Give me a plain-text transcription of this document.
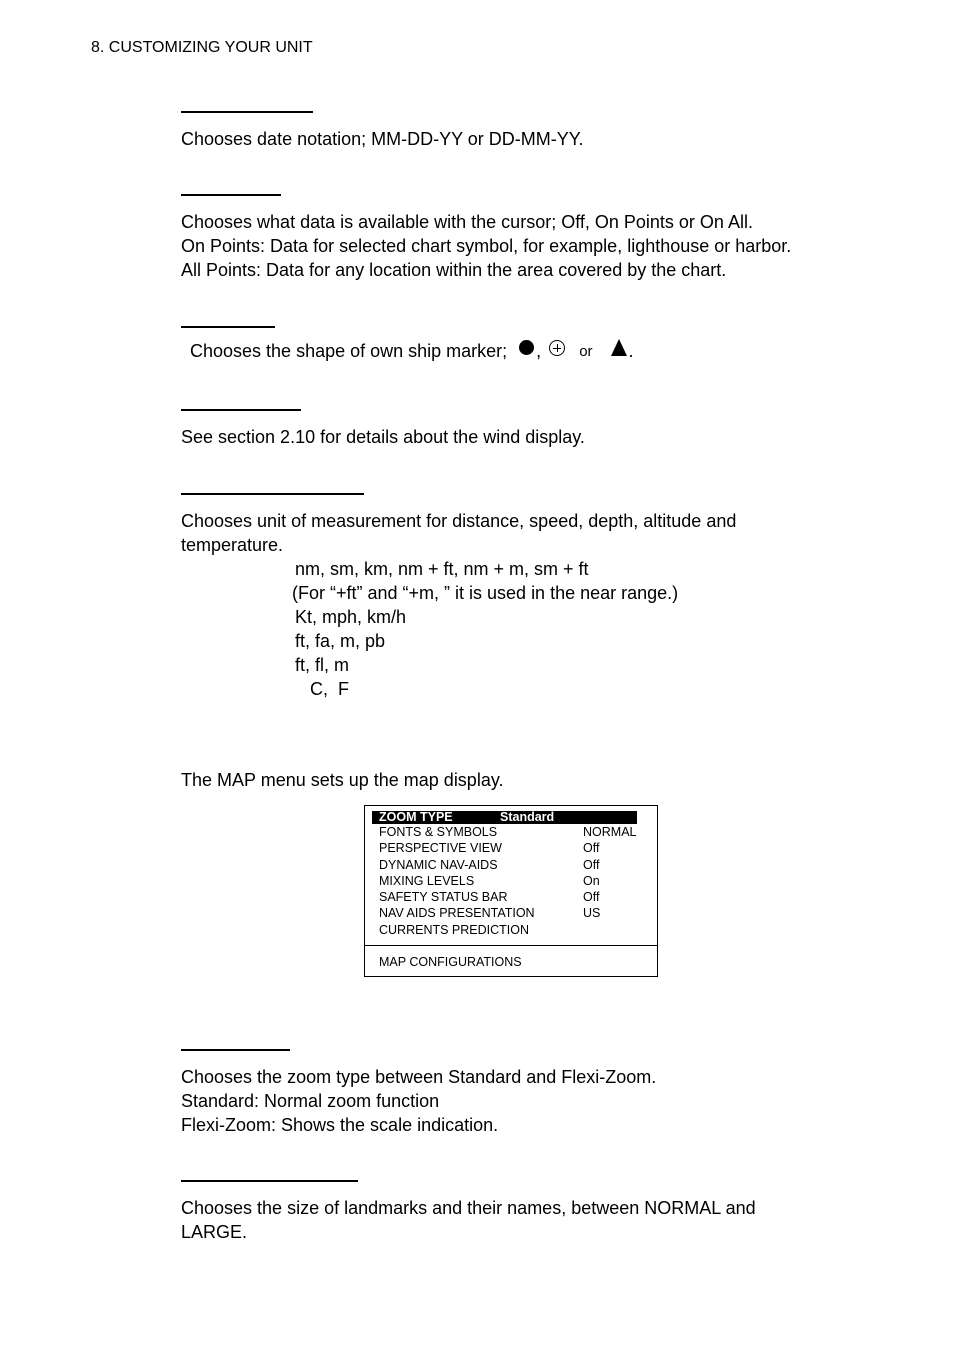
8. CUSTOMIZING YOUR UNIT
Chooses date notation; MM-DD-YY or DD-MM-YY.
Chooses what data is available with the cursor; Off, On Points or On All.
On Points: Data for selected chart symbol, for example, lighthouse or harbor.
All Points: Data for any location within the area covered by the chart.
Chooses the shape of own ship marker; ,	or .
See section 2.10 for details about the wind display.
Chooses unit of measurement for distance, speed, depth, altitude and
temperature.
nm, sm, km, nm + ft, nm + m, sm + ft
(For “+ft” and “+m, ” it is used in the near range.)
Kt, mph, km/h
ft, fa, m, pb
ft, fl, m
C,  F
The MAP menu sets up the map display.
ZOOM TYPE	Standard
FONTS & SYMBOLS	NORMAL
PERSPECTIVE VIEW	Off
DYNAMIC NAV-AIDS	Off
MIXING LEVELS	On
SAFETY STATUS BAR	Off
NAV AIDS PRESENTATION	US
CURRENTS PREDICTION
MAP CONFIGURATIONS
Chooses the zoom type between Standard and Flexi-Zoom.
Standard: Normal zoom function
Flexi-Zoom: Shows the scale indication.
Chooses the size of landmarks and their names, between NORMAL and
LARGE.
